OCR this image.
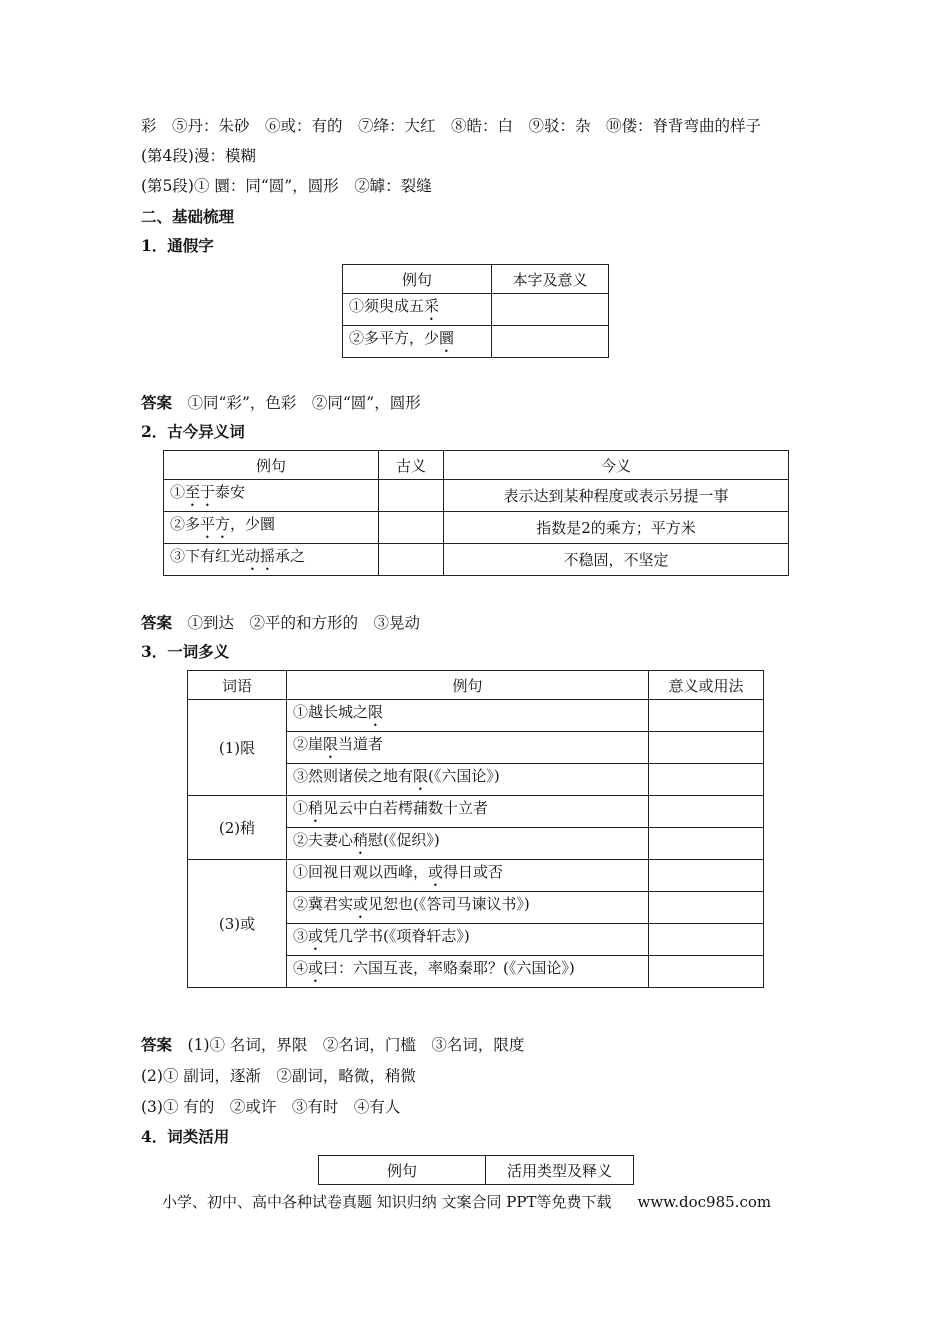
彩　⑤丹：朱砂　⑥或：有的　⑦绛：大红　⑧皓：白　⑨驳：杂　⑩偻：脊背弯曲的样子
(第4段)漫：模糊
(第5段)① 圜：同“圆”，圆形　②罅：裂缝
二、基础梳理
1．通假字
例句	本字及意义
①须臾成五采	
②多平方，少圜	
答案　 ①同“彩”，色彩　②同“圆”，圆形
2．古今异义词
例句	古义	今义
①至于泰安		表示达到某种程度或表示另提一事
②多平方，少圜		指数是2的乘方；平方米
③下有红光动摇承之		不稳固，不坚定
答案　 ①到达　②平的和方形的　③晃动
3．一词多义
词语	例句	意义或用法
(1)限	①越长城之限	
	②崖限当道者	
	③然则诸侯之地有限(《六国论》)	
(2)稍	①稍见云中白若樗蒱数十立者	
	②夫妻心稍慰(《促织》)	
(3)或	①回视日观以西峰，或得日或否	
	②冀君实或见恕也(《答司马谏议书》)	
	③或凭几学书(《项脊轩志》)	
	④或曰：六国互丧，率赂秦耶？(《六国论》)	
答案　 (1)① 名词，界限　②名词，门槛　③名词，限度
(2)① 副词，逐渐　②副词，略微，稍微
(3)① 有的　②或许　③有时　④有人
4．词类活用
例句	活用类型及释义
小学、初中、高中各种试卷真题 知识归纳 文案合同 PPT等免费下载 www.doc985.com
